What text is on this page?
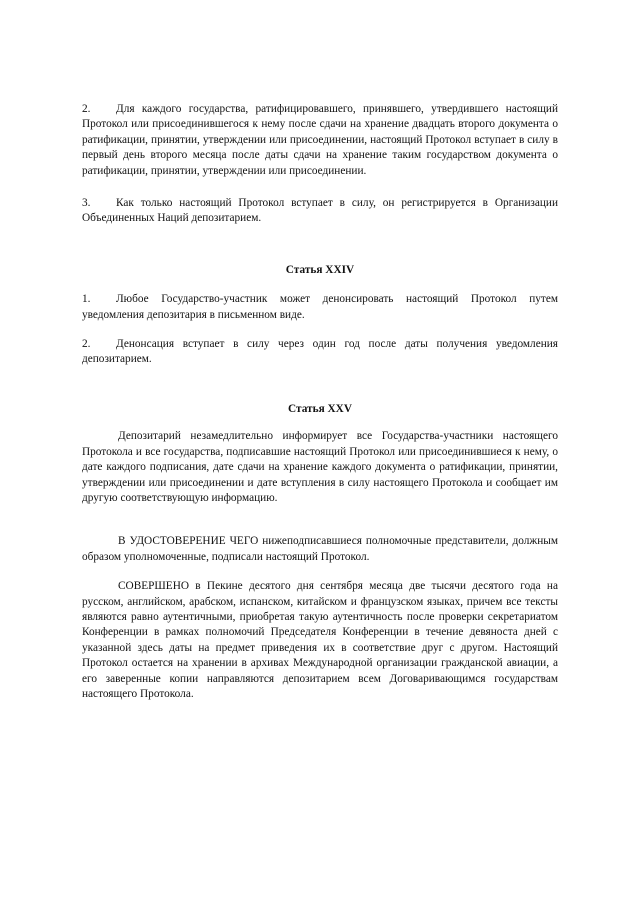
2. Для каждого государства, ратифицировавшего, принявшего, утвердившего настоящий Протокол или присоединившегося к нему после сдачи на хранение двадцать второго документа о ратификации, принятии, утверждении или присоединении, настоящий Протокол вступает в силу в первый день второго месяца после даты сдачи на хранение таким государством документа о ратификации, принятии, утверждении или присоединении.

3. Как только настоящий Протокол вступает в силу, он регистрируется в Организации Объединенных Наций депозитарием.

Статья XXIV

1. Любое Государство-участник может денонсировать настоящий Протокол путем уведомления депозитария в письменном виде.

2. Денонсация вступает в силу через один год после даты получения уведомления депозитарием.

Статья XXV

Депозитарий незамедлительно информирует все Государства-участники настоящего Протокола и все государства, подписавшие настоящий Протокол или присоединившиеся к нему, о дате каждого подписания, дате сдачи на хранение каждого документа о ратификации, принятии, утверждении или присоединении и дате вступления в силу настоящего Протокола и сообщает им другую соответствующую информацию.

В УДОСТОВЕРЕНИЕ ЧЕГО нижеподписавшиеся полномочные представители, должным образом уполномоченные, подписали настоящий Протокол.

СОВЕРШЕНО в Пекине десятого дня сентября месяца две тысячи десятого года на русском, английском, арабском, испанском, китайском и французском языках, причем все тексты являются равно аутентичными, приобретая такую аутентичность после проверки секретариатом Конференции в рамках полномочий Председателя Конференции в течение девяноста дней с указанной здесь даты на предмет приведения их в соответствие друг с другом. Настоящий Протокол остается на хранении в архивах Международной организации гражданской авиации, а его заверенные копии направляются депозитарием всем Договаривающимся государствам настоящего Протокола.
